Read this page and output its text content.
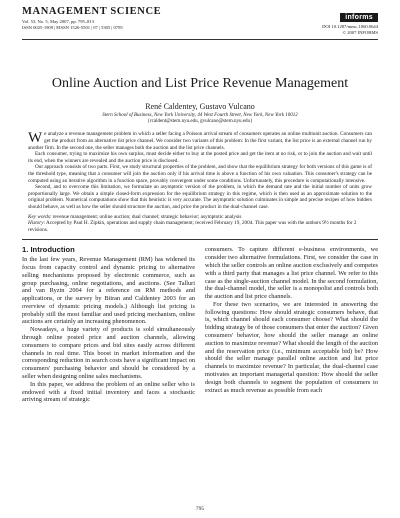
MANAGEMENT SCIENCE
Vol. 53, No. 5, May 2007, pp. 795–813
ISSN 0025-1909 | EISSN 1526-5501 | 07 | 5305 | 0795
informs
DOI 10.1287/mnsc.1060.0644
© 2007 INFORMS
Online Auction and List Price Revenue Management
René Caldentey, Gustavo Vulcano
Stern School of Business, New York University, 44 West Fourth Street, New York, New York 10012
{rcaldent@stern.nyu.edu, gvulcano@stern.nyu.edu}

We analyze a revenue management problem in which a seller facing a Poisson arrival stream of consumers operates an online multiunit auction. Consumers can get the product from an alternative list price channel. We consider two variants of this problem: In the first variant, the list price is an external channel run by another firm. In the second one, the seller manages both the auction and the list price channels.

Each consumer, trying to maximize his own surplus, must decide either to buy at the posted price and get the item at no risk, or to join the auction and wait until its end, when the winners are revealed and the auction price is disclosed.

Our approach consists of two parts. First, we study structural properties of the problem, and show that the equilibrium strategy for both versions of this game is of the threshold type, meaning that a consumer will join the auction only if his arrival time is above a function of his own valuation. This consumer's strategy can be computed using an iterative algorithm in a function space, provably convergent under some conditions. Unfortunately, this procedure is computationally intensive.

Second, and to overcome this limitation, we formulate an asymptotic version of the problem, in which the demand rate and the initial number of units grow proportionally large. We obtain a simple closed-form expression for the equilibrium strategy in this regime, which is then used as an approximate solution to the original problem. Numerical computations show that this heuristic is very accurate. The asymptotic solution culminates in simple and precise recipes of how bidders should behave, as well as how the seller should structure the auction, and price the product in the dual-channel case.

Key words: revenue management; online auction; dual channel; strategic behavior; asymptotic analysis
History: Accepted by Paul H. Zipkin, operations and supply chain management; received February 19, 2004. This paper was with the authors 9½ months for 2 revisions.
1. Introduction

In the last few years, Revenue Management (RM) has widened its focus from capacity control and dynamic pricing to alternative selling mechanisms proposed by electronic commerce, such as group purchasing, online negotiations, and auctions. (See Talluri and van Ryzin 2004 for a reference on RM methods and applications, or the survey by Bitran and Caldentey 2003 for an overview of dynamic pricing models.) Although list pricing is probably still the most familiar and used pricing mechanism, online auctions are certainly an increasing phenomenon.

Nowadays, a huge variety of products is sold simultaneously through online posted price and auction channels, allowing consumers to compare prices and bid sites easily across different channels in real time. This boost in market information and the corresponding reduction in search costs have a significant impact on consumers' purchasing behavior and should be considered by a seller when designing online sales mechanisms.

In this paper, we address the problem of an online seller who is endowed with a fixed initial inventory and faces a stochastic arriving stream of strategic

consumers. To capture different e-business environments, we consider two alternative formulations. First, we consider the case in which the seller controls an online auction exclusively and competes with a third party that manages a list price channel. We refer to this case as the single-auction channel model. In the second formulation, the dual-channel model, the seller is a monopolist and controls both the auction and list price channels.

For these two scenarios, we are interested in answering the following questions: How should strategic consumers behave, that is, which channel should each consumer choose? What should the bidding strategy be of those consumers that enter the auction? Given consumers' behavior, how should the seller manage an online auction to maximize revenue? What should the length of the auction and the reservation price (i.e., minimum acceptable bid) be? How should the seller manage parallel online auction and list price channels to maximize revenue? In particular, the dual-channel case motivates an important managerial question: How should the seller design both channels to segment the population of consumers to extract as much revenue as possible from each

795
